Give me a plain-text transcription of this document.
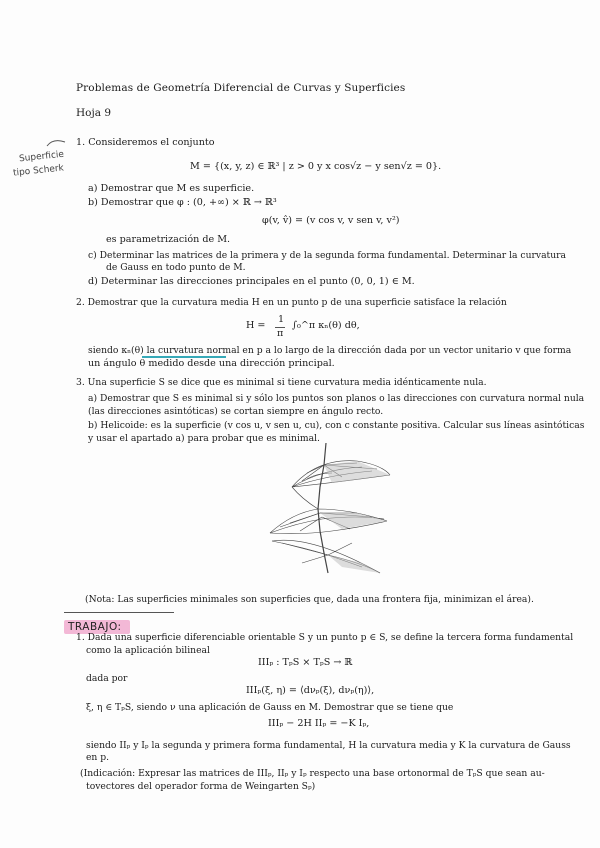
Problemas de Geometría Diferencial de Curvas y Superficies
Hoja 9
Superficie
tipo Scherk
1. Consideremos el conjunto
M = {(x, y, z) ∈ ℝ³ | z > 0 y x cos√z − y sen√z = 0}.
a) Demostrar que M es superficie.
b) Demostrar que φ : (0, +∞) × ℝ → ℝ³
φ(v, v̂) = (v cos v, v sen v, v²)
es parametrización de M.
c) Determinar las matrices de la primera y de la segunda forma fundamental. Determinar la curvatura
de Gauss en todo punto de M.
d) Determinar las direcciones principales en el punto (0, 0, 1) ∈ M.
2. Demostrar que la curvatura media H en un punto p de una superficie satisface la relación
H =
1
π
∫₀^π κₙ(θ) dθ,
siendo κₙ(θ) la curvatura normal en p a lo largo de la dirección dada por un vector unitario v que forma
un ángulo θ medido desde una dirección principal.
3. Una superficie S se dice que es minimal si tiene curvatura media idénticamente nula.
a) Demostrar que S es minimal si y sólo los puntos son planos o las direcciones con curvatura normal nula
(las direcciones asintóticas) se cortan siempre en ángulo recto.
b) Helicoide: es la superficie (v cos u, v sen u, cu), con c constante positiva. Calcular sus líneas asintóticas
y usar el apartado a) para probar que es minimal.
(Nota: Las superficies minimales son superficies que, dada una frontera fija, minimizan el área).
TRABAJO:
1. Dada una superficie diferenciable orientable S y un punto p ∈ S, se define la tercera forma fundamental
como la aplicación bilineal
IIIₚ : TₚS × TₚS → ℝ
dada por
IIIₚ(ξ, η) = ⟨dνₚ(ξ), dνₚ(η)⟩,
ξ, η ∈ TₚS, siendo ν una aplicación de Gauss en M. Demostrar que se tiene que
IIIₚ − 2H IIₚ = −K Iₚ,
siendo IIₚ y Iₚ la segunda y primera forma fundamental, H la curvatura media y K la curvatura de Gauss
en p.
(Indicación: Expresar las matrices de IIIₚ, IIₚ y Iₚ respecto una base ortonormal de TₚS que sean au-
tovectores del operador forma de Weingarten Sₚ)
